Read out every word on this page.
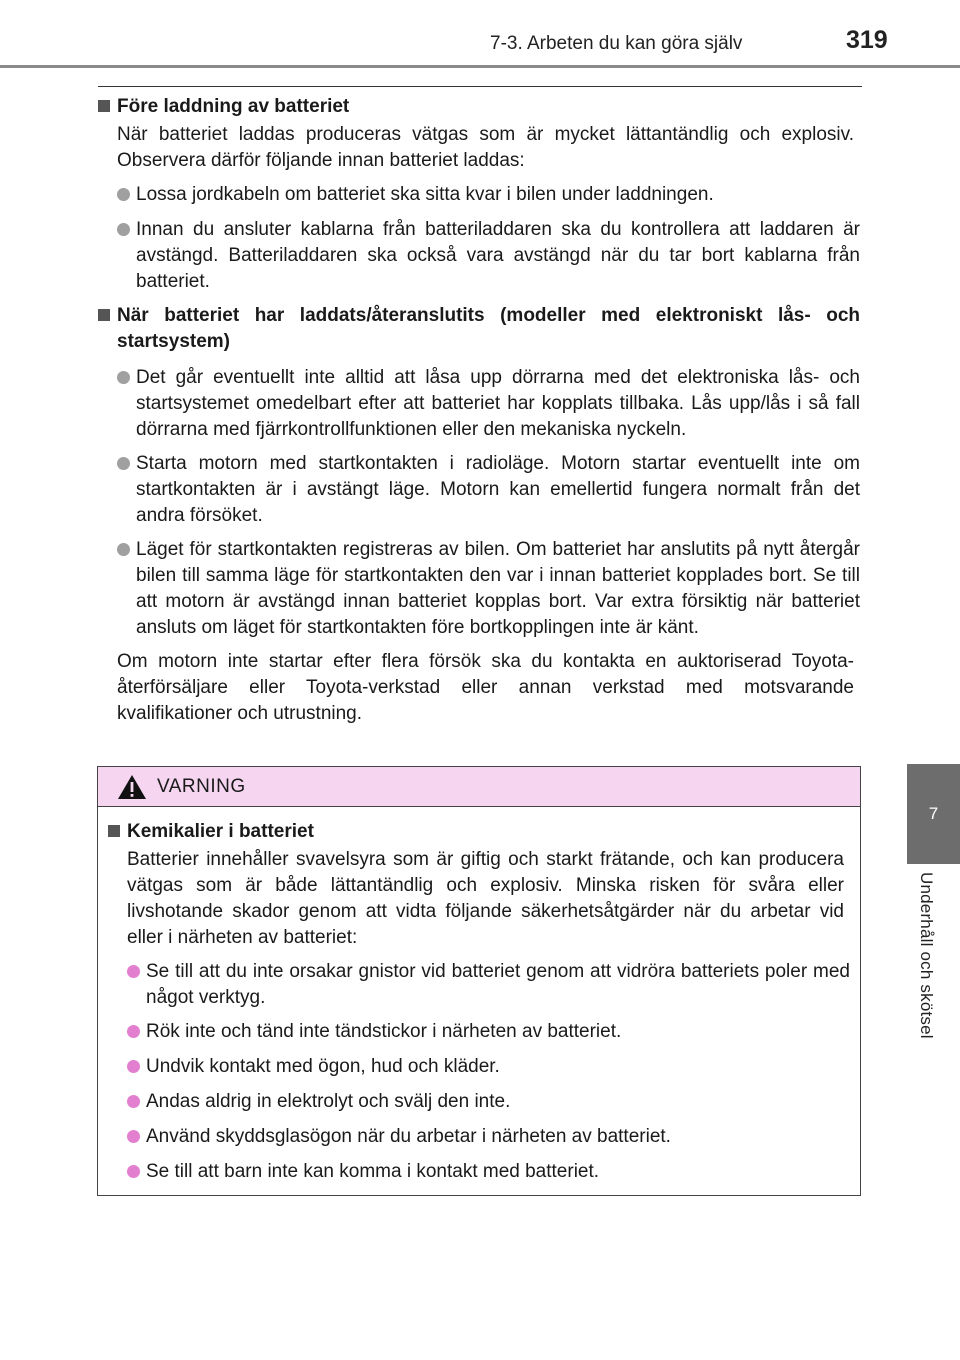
7-3. Arbeten du kan göra själv	319
7
Underhåll och skötsel
Före laddning av batteriet
När batteriet laddas produceras vätgas som är mycket lättantändlig och explosiv. Observera därför följande innan batteriet laddas:
Lossa jordkabeln om batteriet ska sitta kvar i bilen under laddningen.
Innan du ansluter kablarna från batteriladdaren ska du kontrollera att laddaren är avstängd. Batteriladdaren ska också vara avstängd när du tar bort kablarna från batteriet.
När batteriet har laddats/återanslutits (modeller med elektroniskt lås- och startsystem)
Det går eventuellt inte alltid att låsa upp dörrarna med det elektroniska lås- och startsystemet omedelbart efter att batteriet har kopplats tillbaka. Lås upp/lås i så fall dörrarna med fjärrkontrollfunktionen eller den mekaniska nyckeln.
Starta motorn med startkontakten i radioläge. Motorn startar eventuellt inte om startkontakten är i avstängt läge. Motorn kan emellertid fungera normalt från det andra försöket.
Läget för startkontakten registreras av bilen. Om batteriet har anslutits på nytt återgår bilen till samma läge för startkontakten den var i innan batteriet kopplades bort. Se till att motorn är avstängd innan batteriet kopplas bort. Var extra försiktig när batteriet ansluts om läget för startkontakten före bortkopplingen inte är känt.
Om motorn inte startar efter flera försök ska du kontakta en auktoriserad Toyota-återförsäljare eller Toyota-verkstad eller annan verkstad med motsvarande kvalifikationer och utrustning.
VARNING
Kemikalier i batteriet
Batterier innehåller svavelsyra som är giftig och starkt frätande, och kan producera vätgas som är både lättantändlig och explosiv. Minska risken för svåra eller livshotande skador genom att vidta följande säkerhetsåtgärder när du arbetar vid eller i närheten av batteriet:
Se till att du inte orsakar gnistor vid batteriet genom att vidröra batteriets poler med något verktyg.
Rök inte och tänd inte tändstickor i närheten av batteriet.
Undvik kontakt med ögon, hud och kläder.
Andas aldrig in elektrolyt och svälj den inte.
Använd skyddsglasögon när du arbetar i närheten av batteriet.
Se till att barn inte kan komma i kontakt med batteriet.
